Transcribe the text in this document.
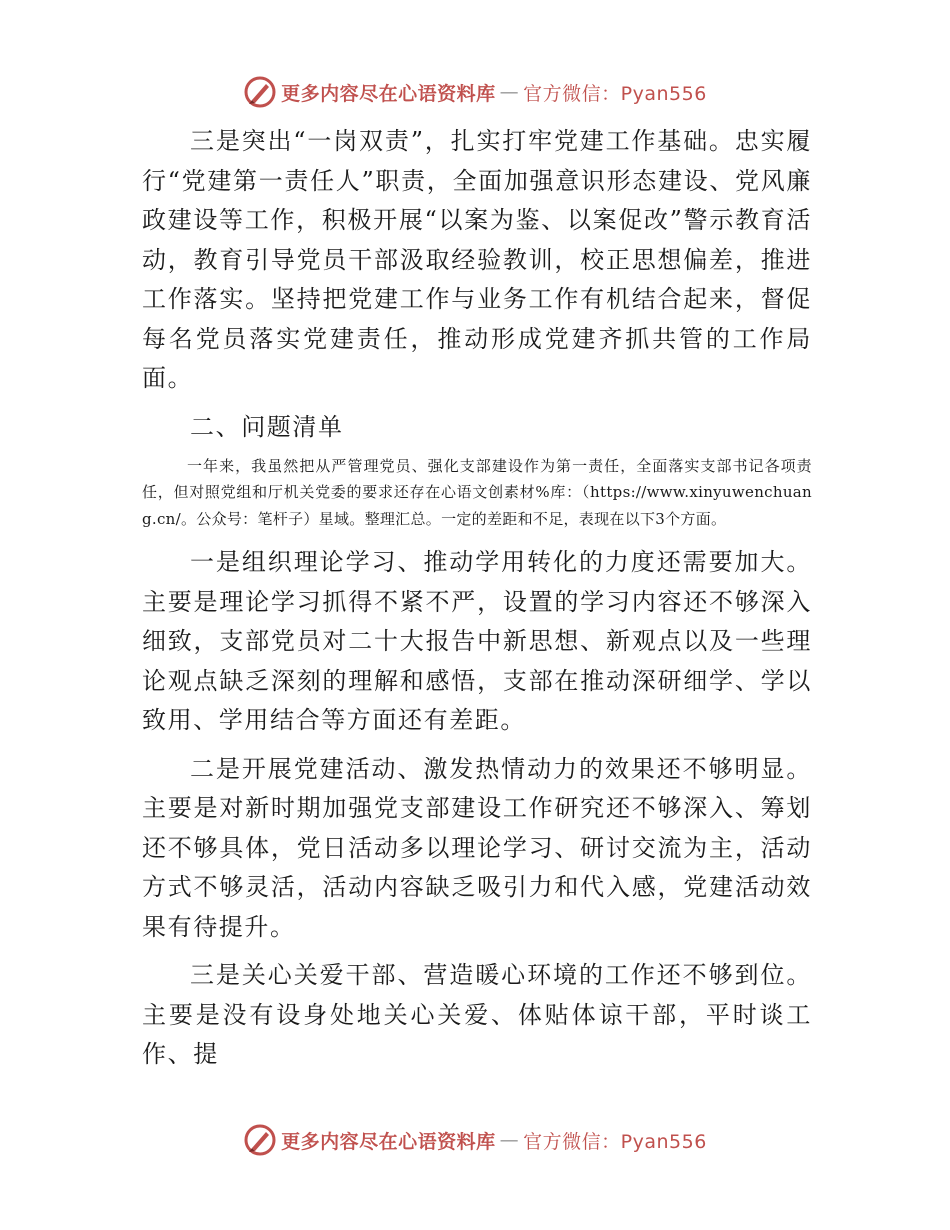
更多内容尽在心语资料库 — 官方微信：Pyan556

三是突出“一岗双责”，扎实打牢党建工作基础。忠实履行“党建第一责任人”职责，全面加强意识形态建设、党风廉政建设等工作，积极开展“以案为鉴、以案促改”警示教育活动，教育引导党员干部汲取经验教训，校正思想偏差，推进工作落实。坚持把党建工作与业务工作有机结合起来，督促每名党员落实党建责任，推动形成党建齐抓共管的工作局面。

二、问题清单

一年来，我虽然把从严管理党员、强化支部建设作为第一责任，全面落实支部书记各项责任，但对照党组和厅机关党委的要求还存在心语文创素材%库：（https://www.xinyuwenchuang.cn/。公众号：笔杆子）星域。整理汇总。一定的差距和不足，表现在以下3个方面。

一是组织理论学习、推动学用转化的力度还需要加大。主要是理论学习抓得不紧不严，设置的学习内容还不够深入细致，支部党员对二十大报告中新思想、新观点以及一些理论观点缺乏深刻的理解和感悟，支部在推动深研细学、学以致用、学用结合等方面还有差距。

二是开展党建活动、激发热情动力的效果还不够明显。主要是对新时期加强党支部建设工作研究还不够深入、筹划还不够具体，党日活动多以理论学习、研讨交流为主，活动方式不够灵活，活动内容缺乏吸引力和代入感，党建活动效果有待提升。

三是关心关爱干部、营造暖心环境的工作还不够到位。主要是没有设身处地关心关爱、体贴体谅干部，平时谈工作、提

更多内容尽在心语资料库 — 官方微信：Pyan556
